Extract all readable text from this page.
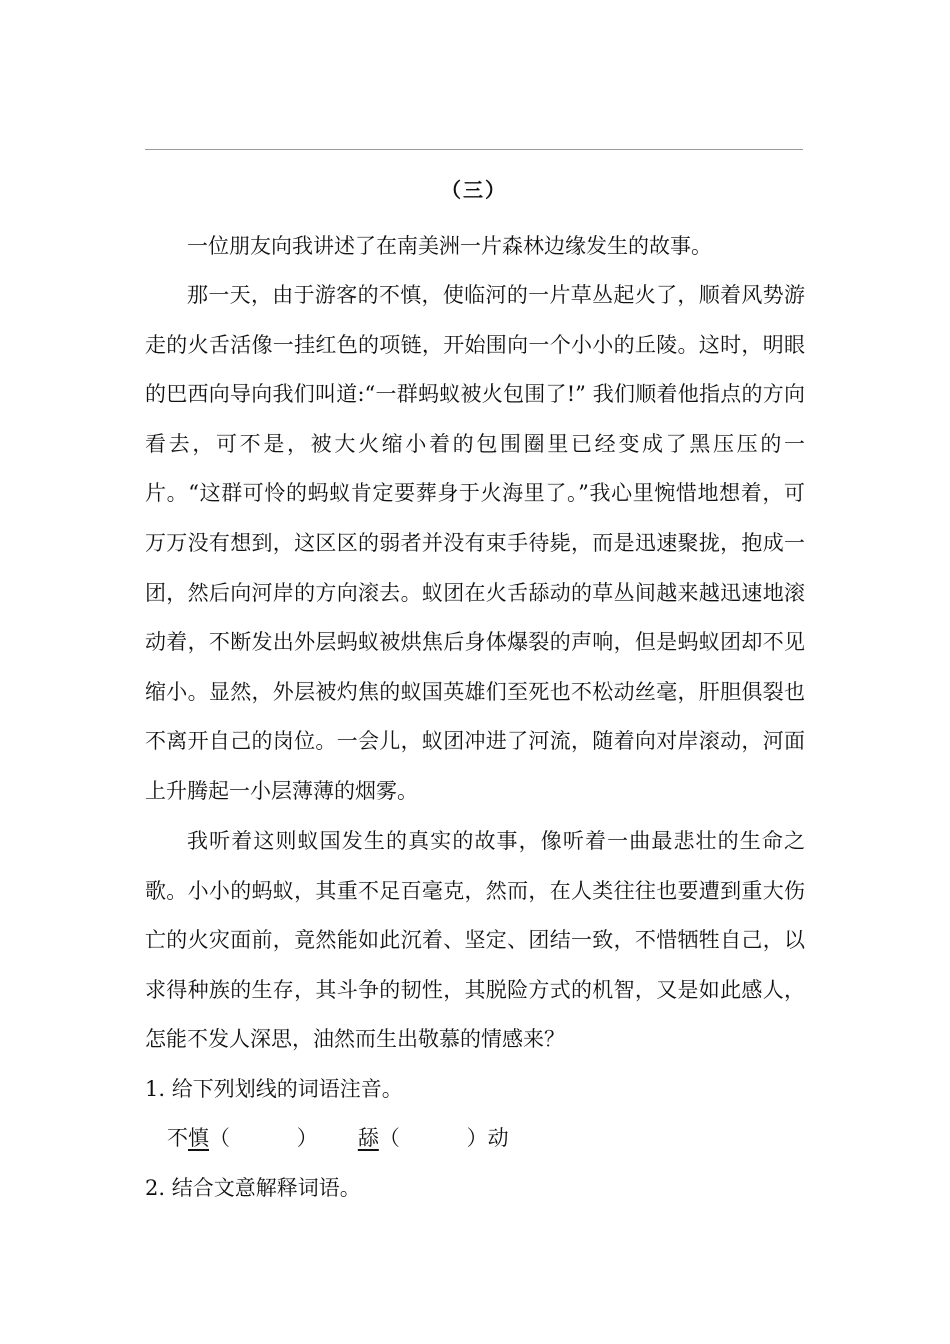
（三）

一位朋友向我讲述了在南美洲一片森林边缘发生的故事。

那一天，由于游客的不慎，使临河的一片草丛起火了，顺着风势游走的火舌活像一挂红色的项链，开始围向一个小小的丘陵。这时，明眼的巴西向导向我们叫道:“一群蚂蚁被火包围了!” 我们顺着他指点的方向看去，可不是，被大火缩小着的包围圈里已经变成了黑压压的一片。“这群可怜的蚂蚁肯定要葬身于火海里了。”我心里惋惜地想着，可万万没有想到，这区区的弱者并没有束手待毙，而是迅速聚拢，抱成一团，然后向河岸的方向滚去。蚁团在火舌舔动的草丛间越来越迅速地滚动着，不断发出外层蚂蚁被烘焦后身体爆裂的声响，但是蚂蚁团却不见缩小。显然，外层被灼焦的蚁国英雄们至死也不松动丝毫，肝胆俱裂也不离开自己的岗位。一会儿，蚁团冲进了河流，随着向对岸滚动，河面上升腾起一小层薄薄的烟雾。

我听着这则蚁国发生的真实的故事，像听着一曲最悲壮的生命之歌。小小的蚂蚁，其重不足百毫克，然而，在人类往往也要遭到重大伤亡的火灾面前，竟然能如此沉着、坚定、团结一致，不惜牺牲自己，以求得种族的生存，其斗争的韧性，其脱险方式的机智，又是如此感人，怎能不发人深思，油然而生出敬慕的情感来？

1. 给下列划线的词语注音。

不慎（          ） 舔（          ）动

2. 结合文意解释词语。
